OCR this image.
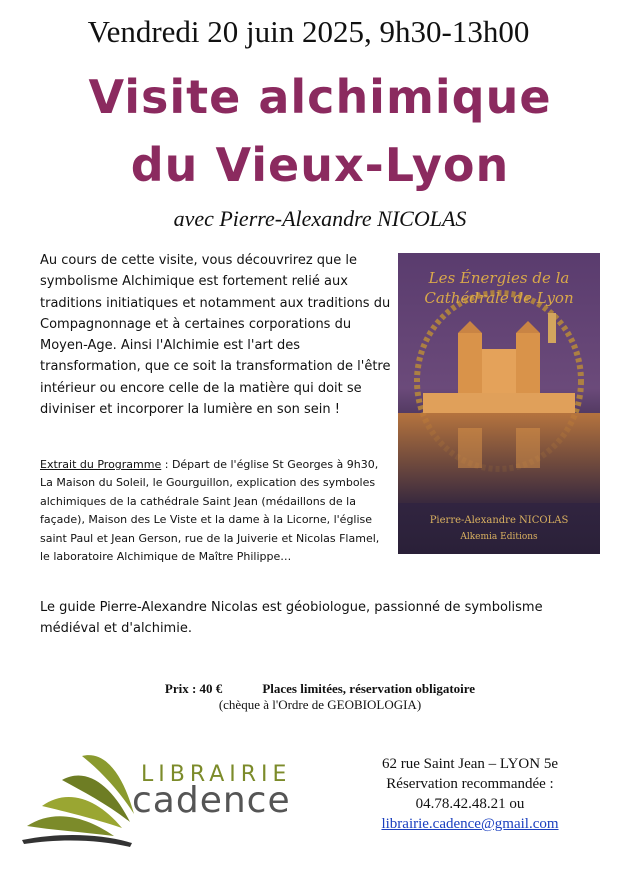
Vendredi 20 juin 2025, 9h30-13h00
Visite alchimique
du Vieux-Lyon
avec Pierre-Alexandre NICOLAS
Au cours de cette visite, vous découvrirez que le symbolisme Alchimique est fortement relié aux traditions initiatiques et notamment aux traditions du Compagnonnage et à certaines corporations du Moyen-Age. Ainsi l'Alchimie est l'art des transformation, que ce soit la transformation de l'être intérieur ou encore celle de la matière qui doit se diviniser et incorporer la lumière en son sein !
Extrait du Programme : Départ de l'église St Georges à 9h30, La Maison du Soleil, le Gourguillon, explication des symboles alchimiques de la cathédrale Saint Jean (médaillons de la façade), Maison des Le Viste et la dame à la Licorne, l'église saint Paul et Jean Gerson, rue de la Juiverie et Nicolas Flamel, le laboratoire Alchimique de Maître Philippe…
Le guide Pierre-Alexandre Nicolas est géobiologue, passionné de symbolisme médiéval et d'alchimie.
Les Énergies de la
Cathédrale de Lyon
Pierre-Alexandre NICOLAS
Alkemia Editions
Prix : 40 €	Places limitées, réservation obligatoire
(chèque à l'Ordre de GEOBIOLOGIA)
LIBRAIRIE
cadence
62 rue Saint Jean – LYON 5e
Réservation recommandée :
04.78.42.48.21 ou
librairie.cadence@gmail.com
